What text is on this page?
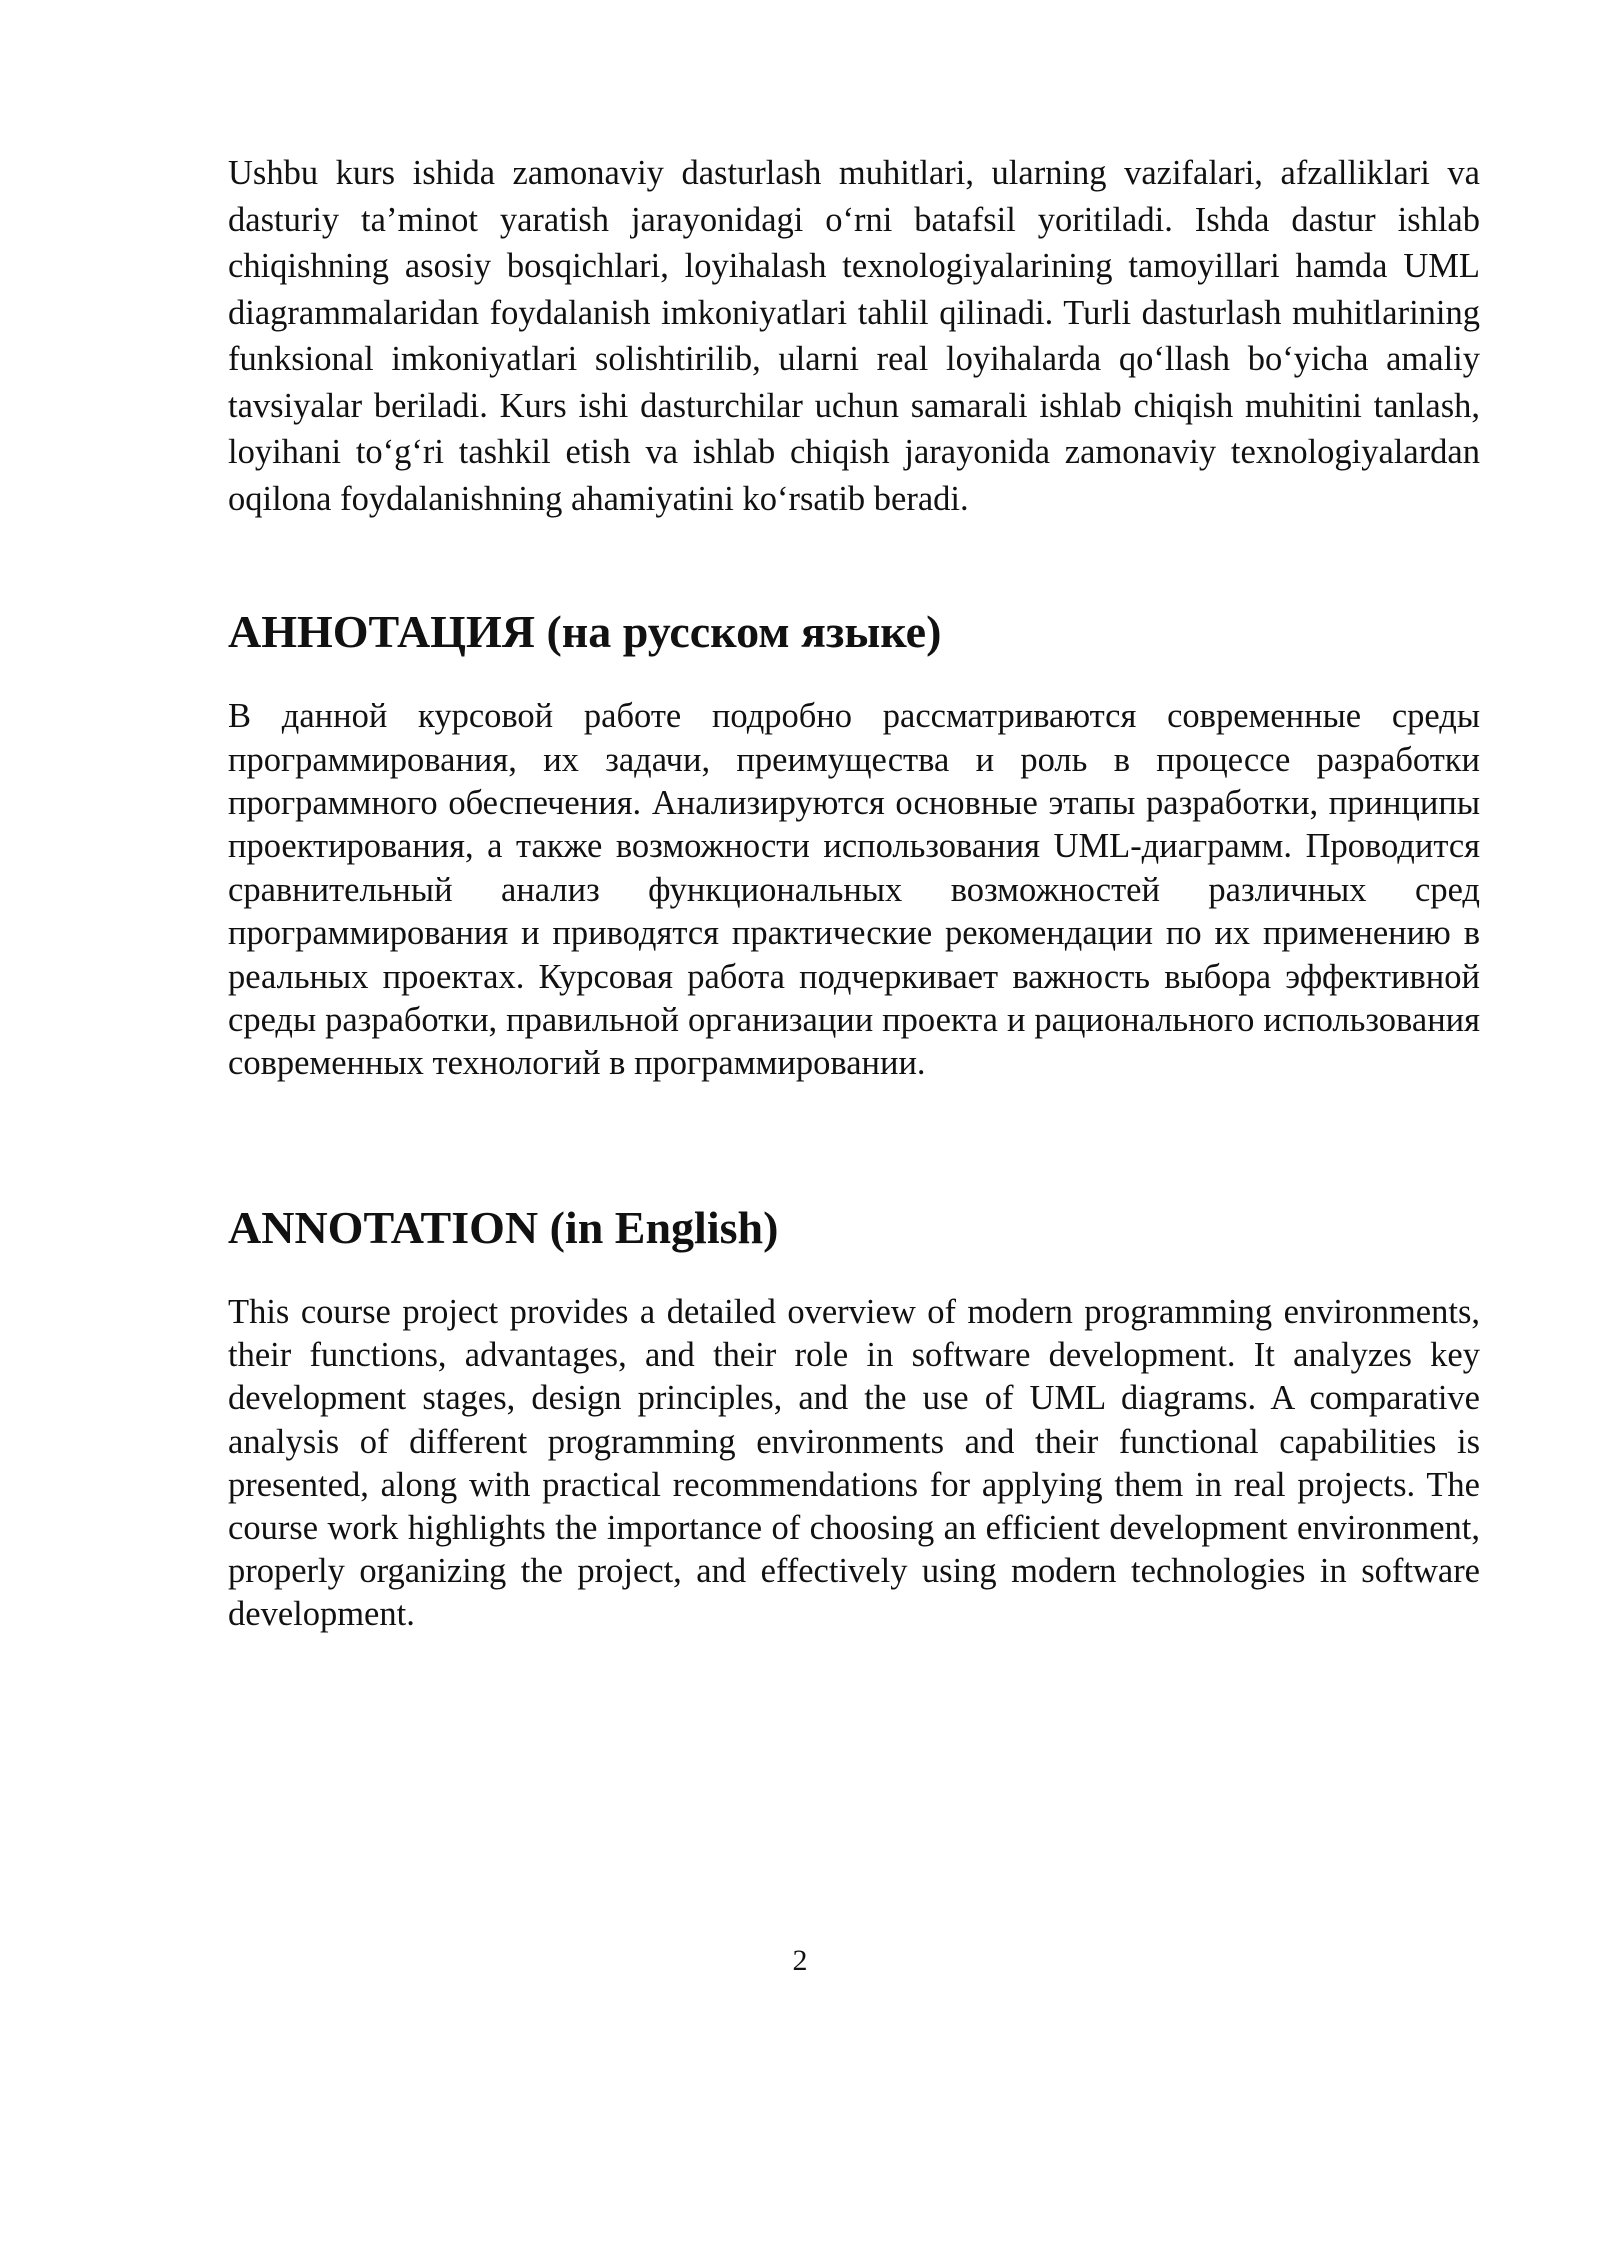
Ushbu kurs ishida zamonaviy dasturlash muhitlari, ularning vazifalari, afzalliklari va dasturiy ta’minot yaratish jarayonidagi o‘rni batafsil yoritiladi. Ishda dastur ishlab chiqishning asosiy bosqichlari, loyihalash texnologiyalarining tamoyillari hamda UML diagrammalaridan foydalanish imkoniyatlari tahlil qilinadi. Turli dasturlash muhitlarining funksional imkoniyatlari solishtirilib, ularni real loyihalarda qo‘llash bo‘yicha amaliy tavsiyalar beriladi. Kurs ishi dasturchilar uchun samarali ishlab chiqish muhitini tanlash, loyihani to‘g‘ri tashkil etish va ishlab chiqish jarayonida zamonaviy texnologiyalardan oqilona foydalanishning ahamiyatini ko‘rsatib beradi.

АННОТАЦИЯ (на русском языке)

В данной курсовой работе подробно рассматриваются современные среды программирования, их задачи, преимущества и роль в процессе разработки программного обеспечения. Анализируются основные этапы разработки, принципы проектирования, а также возможности использования UML-диаграмм. Проводится сравнительный анализ функциональных возможностей различных сред программирования и приводятся практические рекомендации по их применению в реальных проектах. Курсовая работа подчеркивает важность выбора эффективной среды разработки, правильной организации проекта и рационального использования современных технологий в программировании.

ANNOTATION (in English)

This course project provides a detailed overview of modern programming environments, their functions, advantages, and their role in software development. It analyzes key development stages, design principles, and the use of UML diagrams. A comparative analysis of different programming environments and their functional capabilities is presented, along with practical recommendations for applying them in real projects. The course work highlights the importance of choosing an efficient development environment, properly organizing the project, and effectively using modern technologies in software development.

2
